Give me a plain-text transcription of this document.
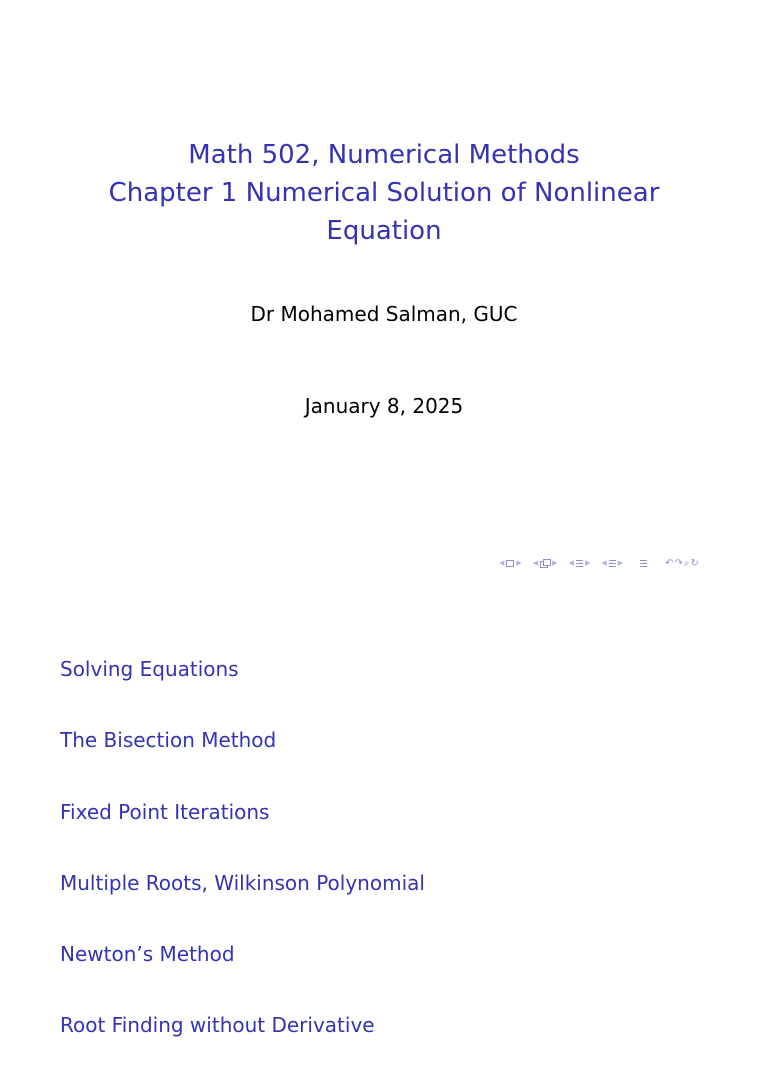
Math 502, Numerical Methods
Chapter 1 Numerical Solution of Nonlinear
Equation
Dr Mohamed Salman, GUC
January 8, 2025
◀ ▶ ◀ ▶ ◀ ▶ ◀ ▶	↶↷⌕↻
Solving Equations
The Bisection Method
Fixed Point Iterations
Multiple Roots, Wilkinson Polynomial
Newton’s Method
Root Finding without Derivative
